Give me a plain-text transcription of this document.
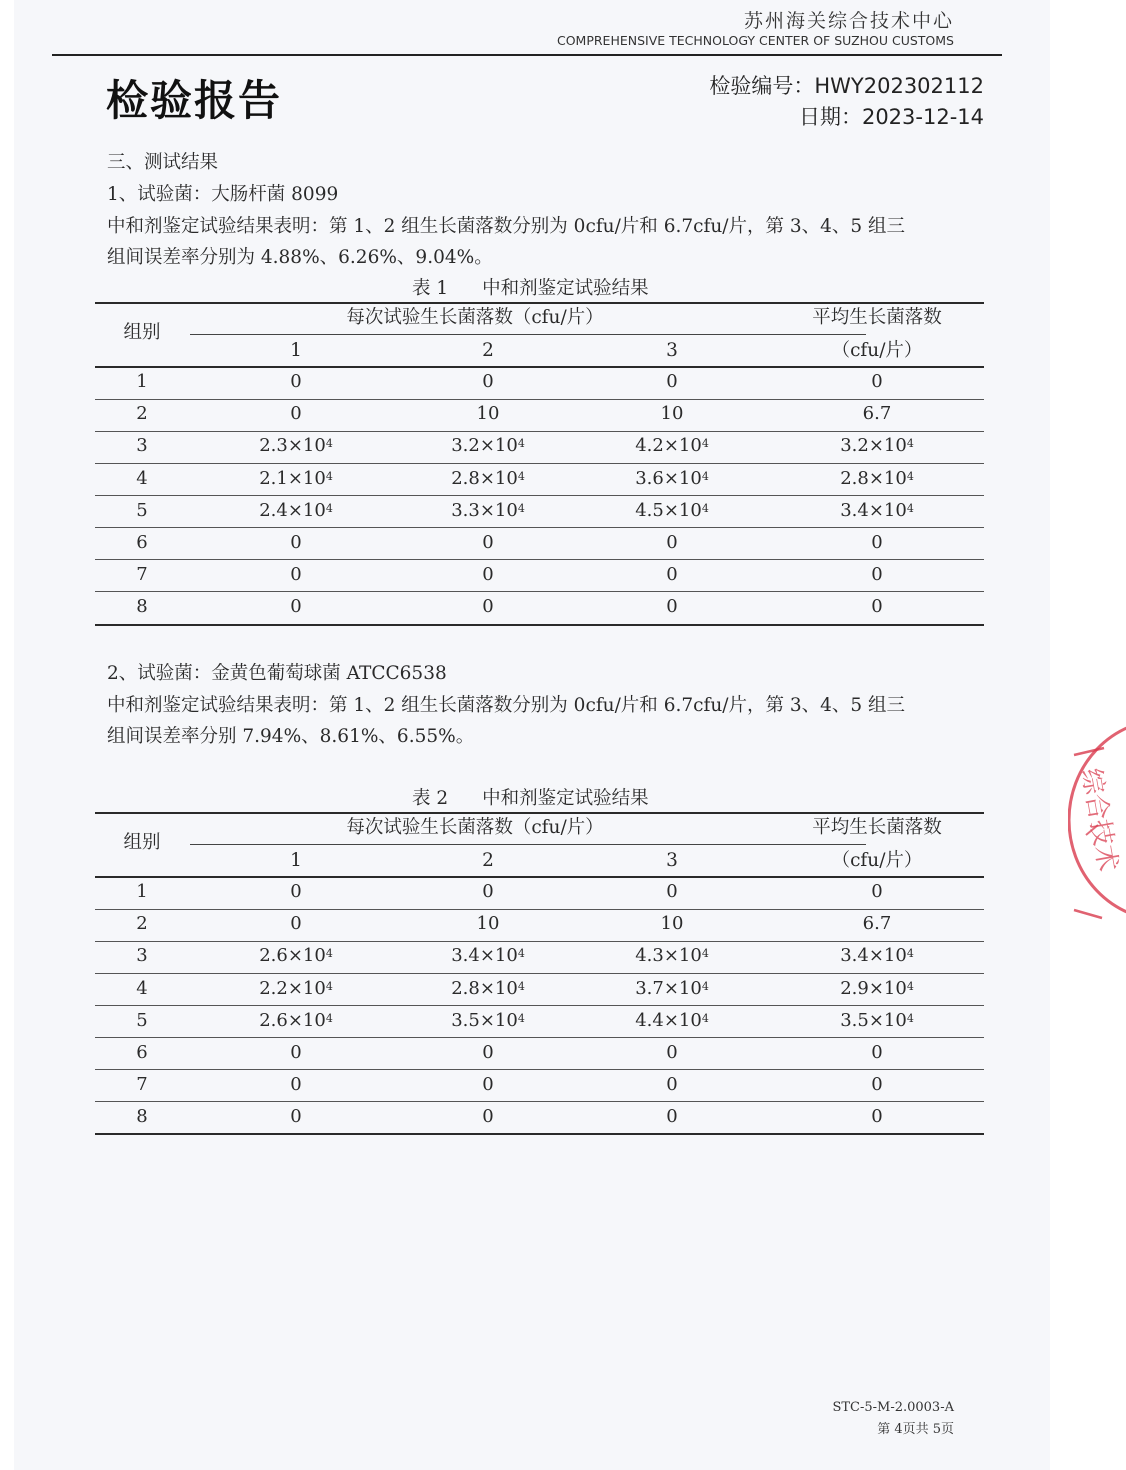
苏州海关综合技术中心
COMPREHENSIVE TECHNOLOGY CENTER OF SUZHOU CUSTOMS
检验报告	检验编号：HWY202302112
日期：2023-12-14
三、测试结果
1、试验菌：大肠杆菌 8099
中和剂鉴定试验结果表明：第 1、2 组生长菌落数分别为 0cfu/片和 6.7cfu/片，第 3、4、5 组三
组间误差率分别为 4.88%、6.26%、9.04%。
表 1 中和剂鉴定试验结果
组别
每次试验生长菌落数（cfu/片）
1	2	3
平均生长菌落数
（cfu/片）
1	0	0	0	0
2	0	10	10	6.7
3	$2.3\times 10^4$	$3.2\times 10^4$	$4.2\times 10^4$	$3.2\times 10^4$
4	$2.1\times 10^4$	$2.8\times 10^4$	$3.6\times 10^4$	$2.8\times 10^4$
5	$2.4\times 10^4$	$3.3\times 10^4$	$4.5\times 10^4$	$3.4\times 10^4$
6	0	0	0	0
7	0	0	0	0
8	0	0	0	0
2、试验菌：金黄色葡萄球菌 ATCC6538
中和剂鉴定试验结果表明：第 1、2 组生长菌落数分别为 0cfu/片和 6.7cfu/片，第 3、4、5 组三
组间误差率分别 7.94%、8.61%、6.55%。
表 2 中和剂鉴定试验结果
组别
每次试验生长菌落数（cfu/片）
1	2	3
平均生长菌落数
（cfu/片）
1	0	0	0	0
2	0	10	10	6.7
3	$2.6\times 10^4$	$3.4\times 10^4$	$4.3\times 10^4$	$3.4\times 10^4$
4	$2.2\times 10^4$	$2.8\times 10^4$	$3.7\times 10^4$	$2.9\times 10^4$
5	$2.6\times 10^4$	$3.5\times 10^4$	$4.4\times 10^4$	$3.5\times 10^4$
6	0	0	0	0
7	0	0	0	0
8	0	0	0	0
STC-5-M-2.0003-A
第 4页共 5页
综合技术
